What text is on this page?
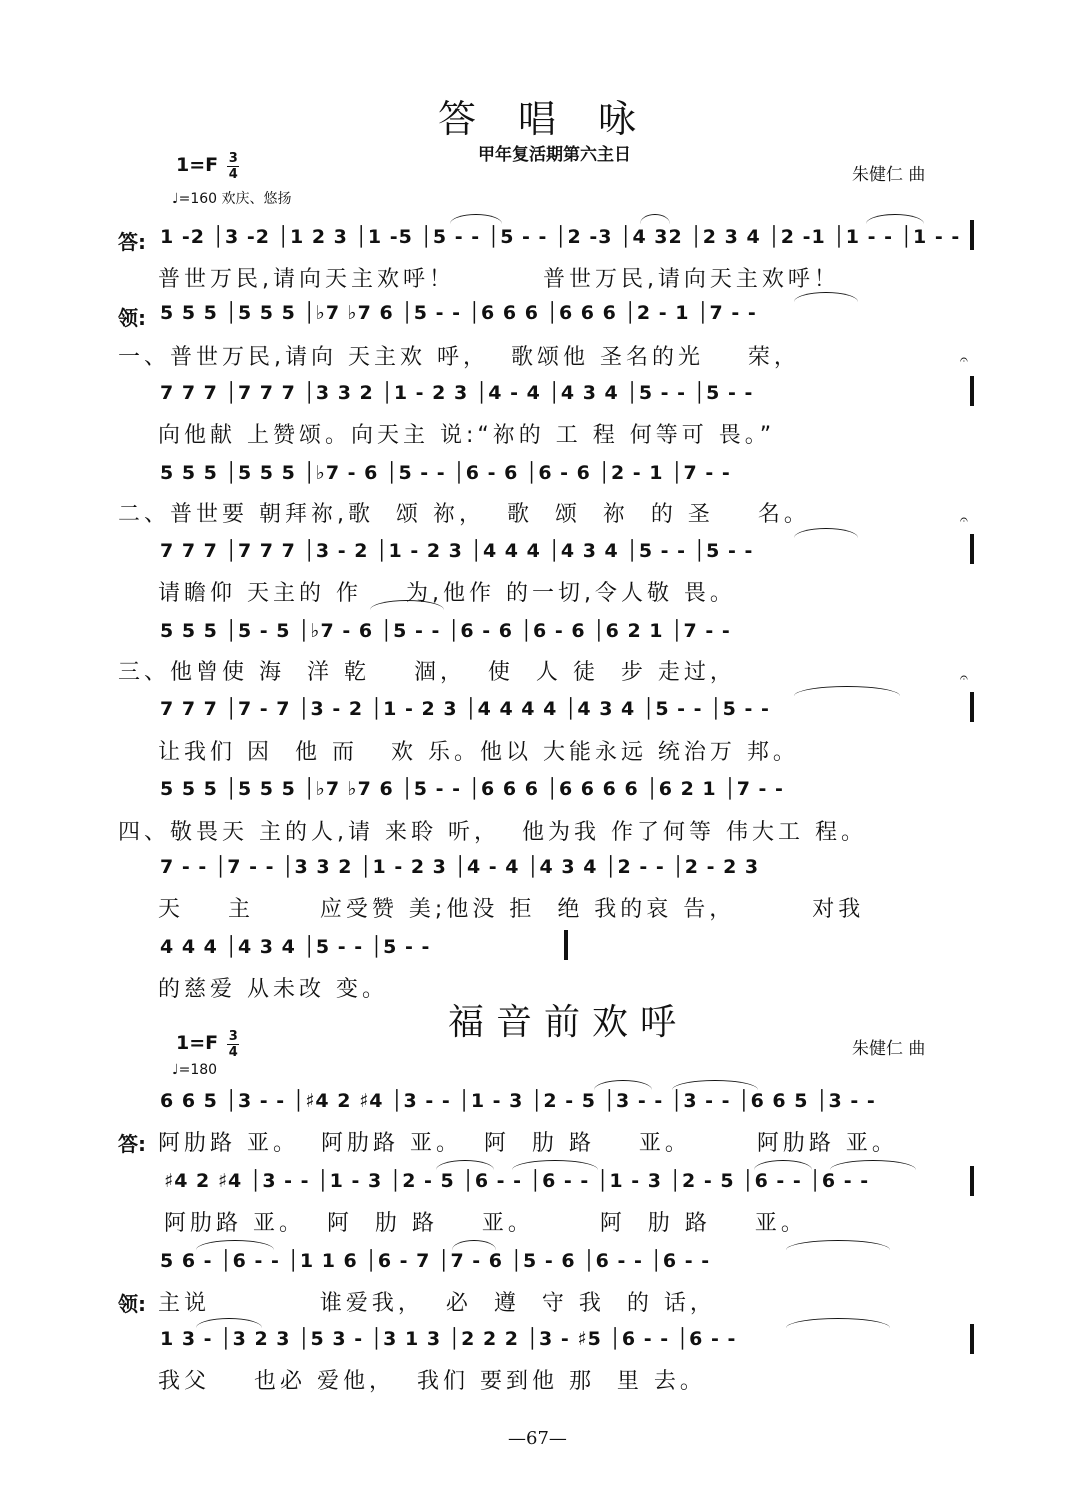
答唱咏
甲年复活期第六主日
$1=F \frac{3}{4}$
♩=160 欢庆、悠扬
朱健仁 曲
答:
领:
1 -2 │3 -2 │1 2 3 │1 -5 │5 - - │5 - - │2 -3 │4 32 │2 3 4 │2 -1 │1 - - │1 - -
普世万民,请向天主欢呼！        普世万民,请向天主欢呼！
5 5 5 │5 5 5 │♭7 ♭7 6 │5 - - │6 6 6 │6 6 6 │2 - 1 │7 - -
一、普世万民,请向 天主欢 呼，  歌颂他 圣名的光    荣，
7 7 7 │7 7 7 │3 3 2 │1 - 2 3 │4 - 4 │4 3 4 │5 - - │5 - -
向他献 上赞颂。向天主 说:“祢的 工 程 何等可 畏。”
5 5 5 │5 5 5 │♭7 - 6 │5 - - │6 - 6 │6 - 6 │2 - 1 │7 - -
二、普世要 朝拜祢,歌  颂 祢，  歌  颂  祢  的 圣    名。
7 7 7 │7 7 7 │3 - 2 │1 - 2 3 │4 4 4 │4 3 4 │5 - - │5 - -
请瞻仰 天主的 作    为,他作 的一切,令人敬 畏。
5 5 5 │5 - 5 │♭7 - 6 │5 - - │6 - 6 │6 - 6 │6 2 1 │7 - -
三、他曾使 海  洋 乾    涸，  使  人 徒  步 走过，
7 7 7 │7 - 7 │3 - 2 │1 - 2 3 │4 4 4 4 │4 3 4 │5 - - │5 - -
让我们 因  他 而   欢 乐。他以 大能永远 统治万 邦。
5 5 5 │5 5 5 │♭7 ♭7 6 │5 - - │6 6 6 │6 6 6 6 │6 2 1 │7 - -
四、敬畏天 主的人,请 来聆 听，  他为我 作了何等 伟大工 程。
7 - - │7 - - │3 3 2 │1 - 2 3 │4 - 4 │4 3 4 │2 - - │2 - 2 3
天    主      应受赞 美;他没 拒  绝 我的哀 告，       对我
4 4 4 │4 3 4 │5 - - │5 - -
的慈爱 从未改 变。
𝄐
𝄐
𝄐
福音前欢呼
$1=F \frac{3}{4}$
♩=180
朱健仁 曲
答:
领:
6 6 5 │3 - - │♯4 2 ♯4 │3 - - │1 - 3 │2 - 5 │3 - - │3 - - │6 6 5 │3 - -
阿肋路 亚。  阿肋路 亚。  阿  肋 路    亚。      阿肋路 亚。
♯4 2 ♯4 │3 - - │1 - 3 │2 - 5 │6 - - │6 - - │1 - 3 │2 - 5 │6 - - │6 - -
阿肋路 亚。  阿  肋 路    亚。      阿  肋 路    亚。
5 6 - │6 - - │1 1 6 │6 - 7 │7 - 6 │5 - 6 │6 - - │6 - -
主说          谁爱我，  必  遵  守 我  的 话，
1 3 - │3 2 3 │5 3 - │3 1 3 │2 2 2 │3 - ♯5 │6 - - │6 - -
我父    也必 爱他，  我们 要到他 那  里 去。
—67—
